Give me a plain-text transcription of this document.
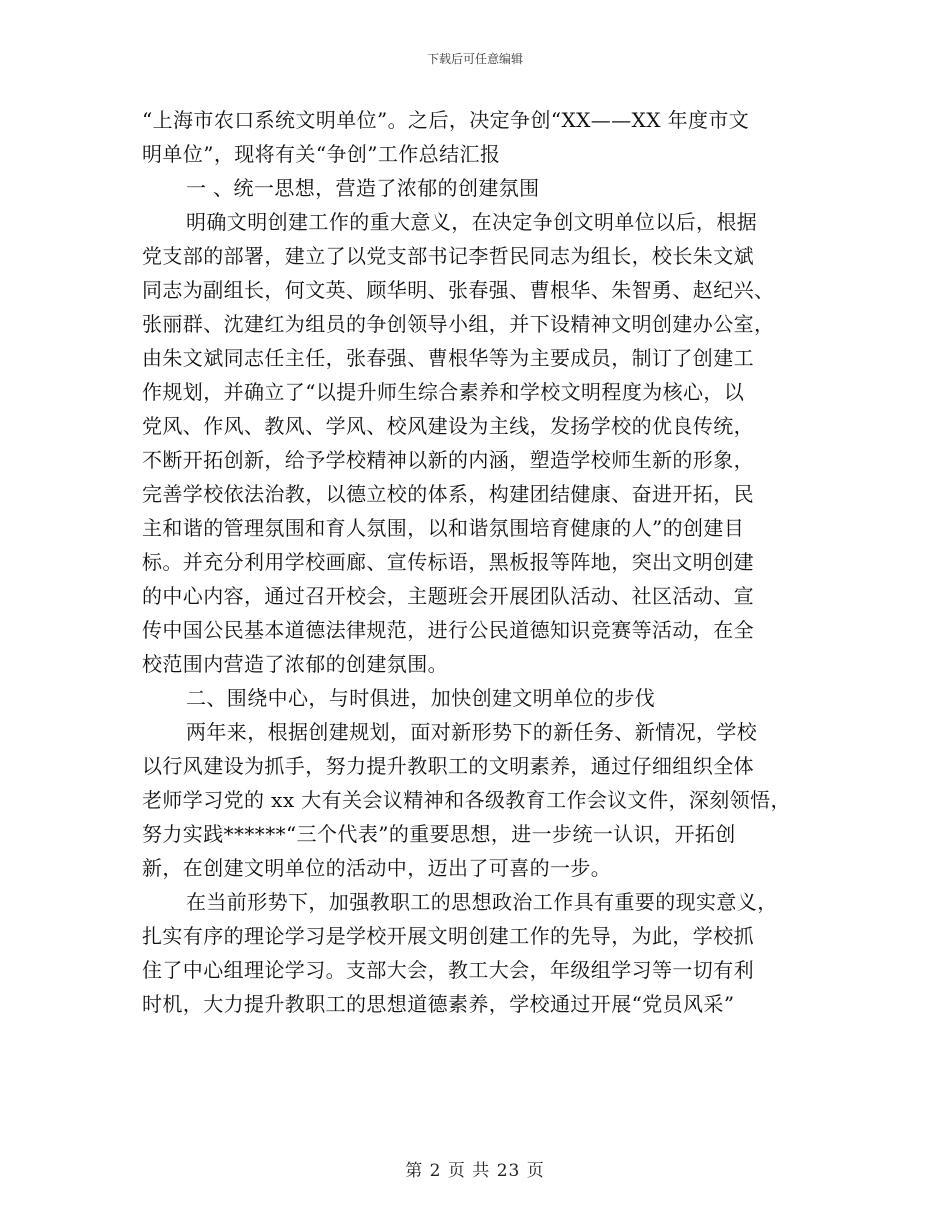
下载后可任意编辑
“上海市农口系统文明单位”。之后，决定争创“XX——XX 年度市文
明单位”，现将有关“争创”工作总结汇报
一 、统一思想，营造了浓郁的创建氛围
明确文明创建工作的重大意义，在决定争创文明单位以后，根据
党支部的部署，建立了以党支部书记李哲民同志为组长，校长朱文斌
同志为副组长，何文英、顾华明、张春强、曹根华、朱智勇、赵纪兴、
张丽群、沈建红为组员的争创领导小组，并下设精神文明创建办公室，
由朱文斌同志任主任，张春强、曹根华等为主要成员，制订了创建工
作规划，并确立了“以提升师生综合素养和学校文明程度为核心，以
党风、作风、教风、学风、校风建设为主线，发扬学校的优良传统，
不断开拓创新，给予学校精神以新的内涵，塑造学校师生新的形象，
完善学校依法治教，以德立校的体系，构建团结健康、奋进开拓，民
主和谐的管理氛围和育人氛围，以和谐氛围培育健康的人”的创建目
标。并充分利用学校画廊、宣传标语，黑板报等阵地，突出文明创建
的中心内容，通过召开校会，主题班会开展团队活动、社区活动、宣
传中国公民基本道德法律规范，进行公民道德知识竞赛等活动，在全
校范围内营造了浓郁的创建氛围。
二、围绕中心，与时俱进，加快创建文明单位的步伐
两年来，根据创建规划，面对新形势下的新任务、新情况，学校
以行风建设为抓手，努力提升教职工的文明素养，通过仔细组织全体
老师学习党的 xx 大有关会议精神和各级教育工作会议文件，深刻领悟，
努力实践******“三个代表”的重要思想，进一步统一认识，开拓创
新，在创建文明单位的活动中，迈出了可喜的一步。
在当前形势下，加强教职工的思想政治工作具有重要的现实意义，
扎实有序的理论学习是学校开展文明创建工作的先导，为此，学校抓
住了中心组理论学习。支部大会，教工大会，年级组学习等一切有利
时机，大力提升教职工的思想道德素养，学校通过开展“党员风采”
第 2 页 共 23 页
